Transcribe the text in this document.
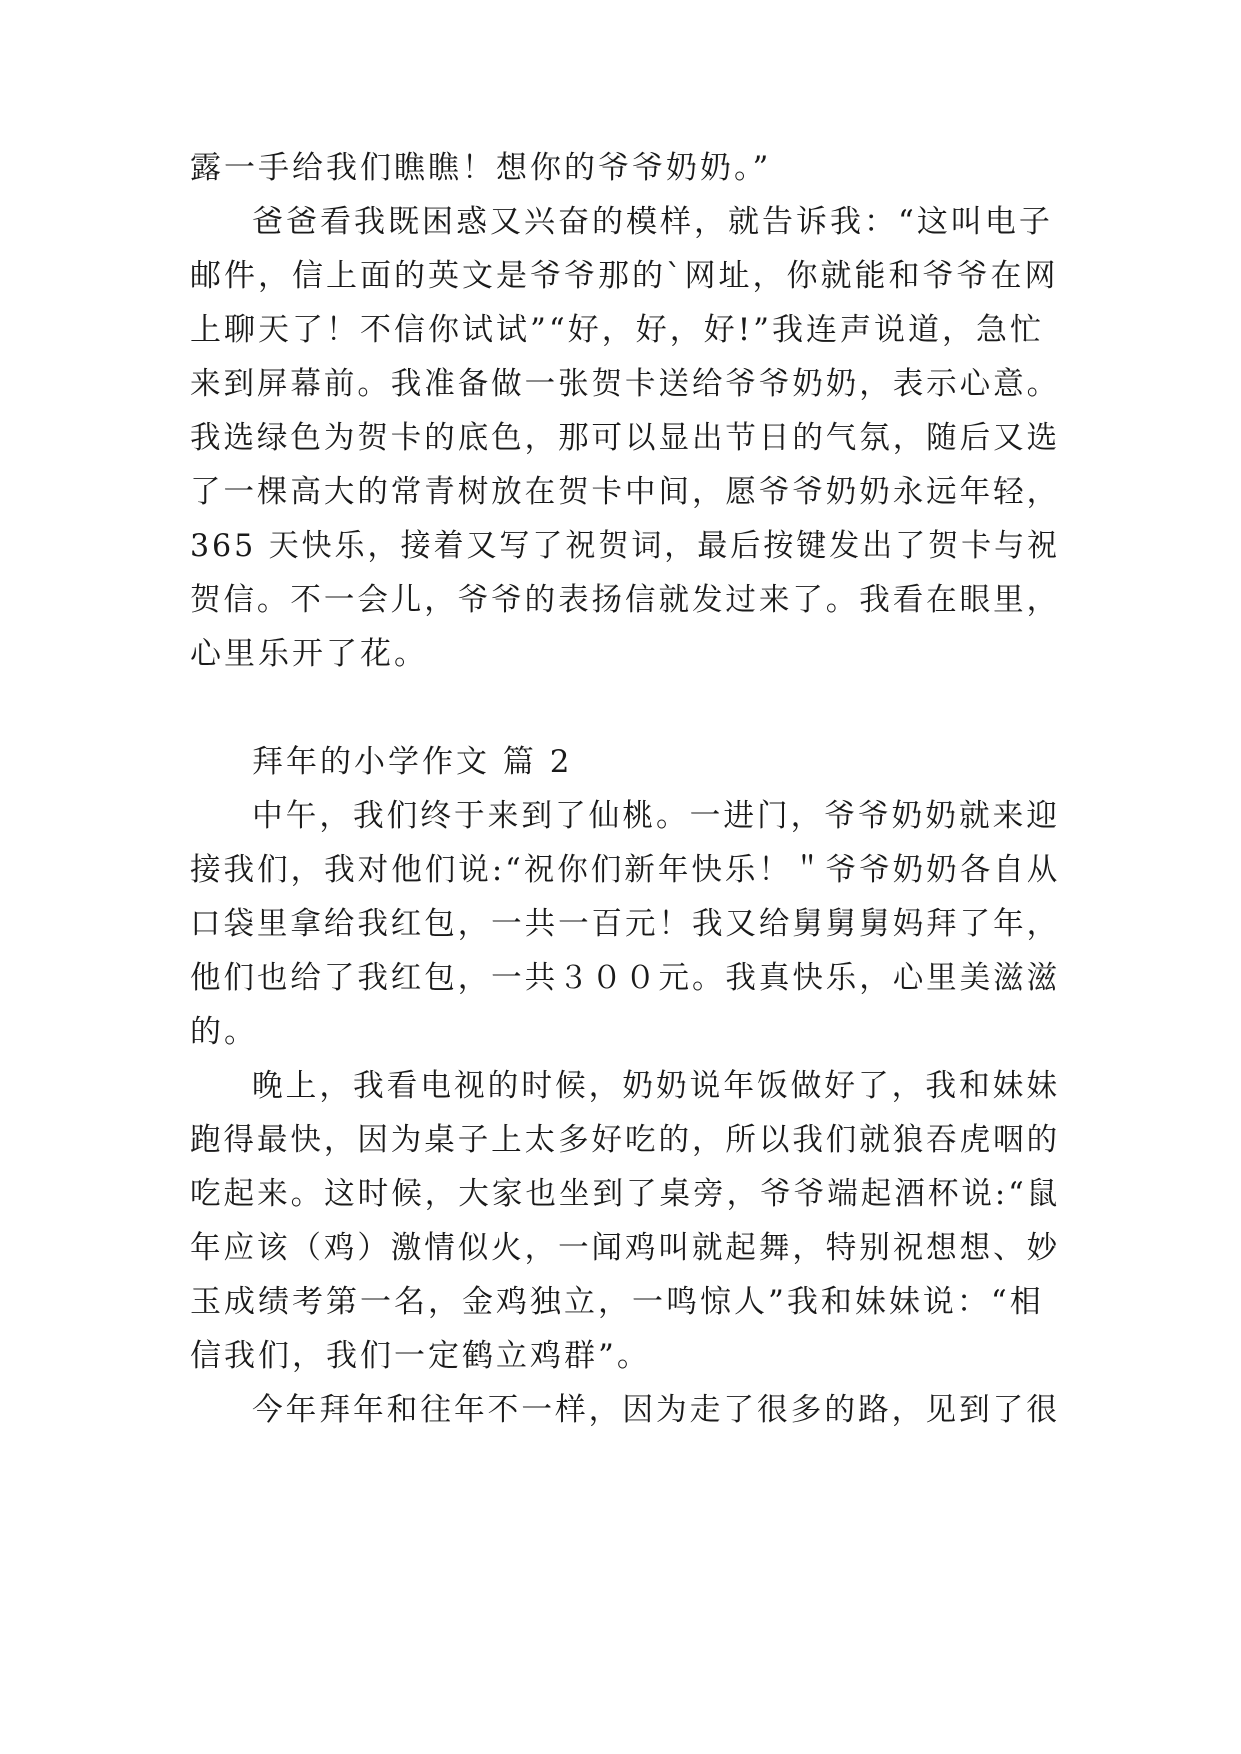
露一手给我们瞧瞧！想你的爷爷奶奶。”
爸爸看我既困惑又兴奋的模样，就告诉我：“这叫电子
邮件，信上面的英文是爷爷那的`网址，你就能和爷爷在网
上聊天了！不信你试试”“好，好，好!”我连声说道，急忙
来到屏幕前。我准备做一张贺卡送给爷爷奶奶，表示心意。
我选绿色为贺卡的底色，那可以显出节日的气氛，随后又选
了一棵高大的常青树放在贺卡中间，愿爷爷奶奶永远年轻，
365 天快乐，接着又写了祝贺词，最后按键发出了贺卡与祝
贺信。不一会儿，爷爷的表扬信就发过来了。我看在眼里，
心里乐开了花。
拜年的小学作文 篇 2
中午，我们终于来到了仙桃。一进门，爷爷奶奶就来迎
接我们，我对他们说:“祝你们新年快乐！＂爷爷奶奶各自从
口袋里拿给我红包，一共一百元！我又给舅舅舅妈拜了年，
他们也给了我红包，一共３００元。我真快乐，心里美滋滋
的。
晚上，我看电视的时候，奶奶说年饭做好了，我和妹妹
跑得最快，因为桌子上太多好吃的，所以我们就狼吞虎咽的
吃起来。这时候，大家也坐到了桌旁，爷爷端起酒杯说:“鼠
年应该（鸡）激情似火，一闻鸡叫就起舞，特别祝想想、妙
玉成绩考第一名，金鸡独立，一鸣惊人”我和妹妹说：“相
信我们，我们一定鹤立鸡群”。
今年拜年和往年不一样，因为走了很多的路，见到了很
